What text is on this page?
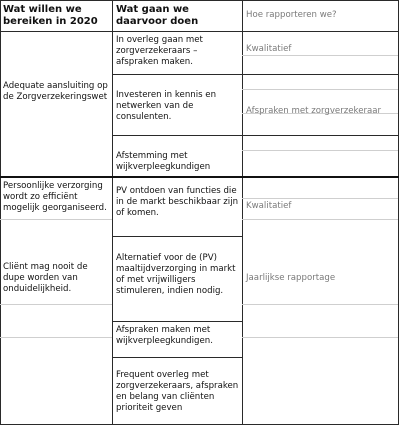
Wat willen we bereiken in 2020
Wat gaan we daarvoor doen
Hoe rapporteren we?
Adequate aansluiting op de Zorgverzekeringswet
In overleg gaan met zorgverzekeraars – afspraken maken.
Investeren in kennis en netwerken van de consulenten.
Afstemming met wijkverpleegkundigen
Kwalitatief
Afspraken met zorgverzekeraar
Persoonlijke verzorging wordt zo efficiënt mogelijk georganiseerd.
Cliënt mag nooit de dupe worden van onduidelijkheid.
PV ontdoen van functies die in de markt beschikbaar zijn of komen.
Alternatief voor de (PV) maaltijdverzorging in markt of met vrijwilligers stimuleren, indien nodig.
Afspraken maken met wijkverpleegkundigen.
Frequent overleg met zorgverzekeraars, afspraken en belang van cliënten prioriteit geven
Kwalitatief
Jaarlijkse rapportage
